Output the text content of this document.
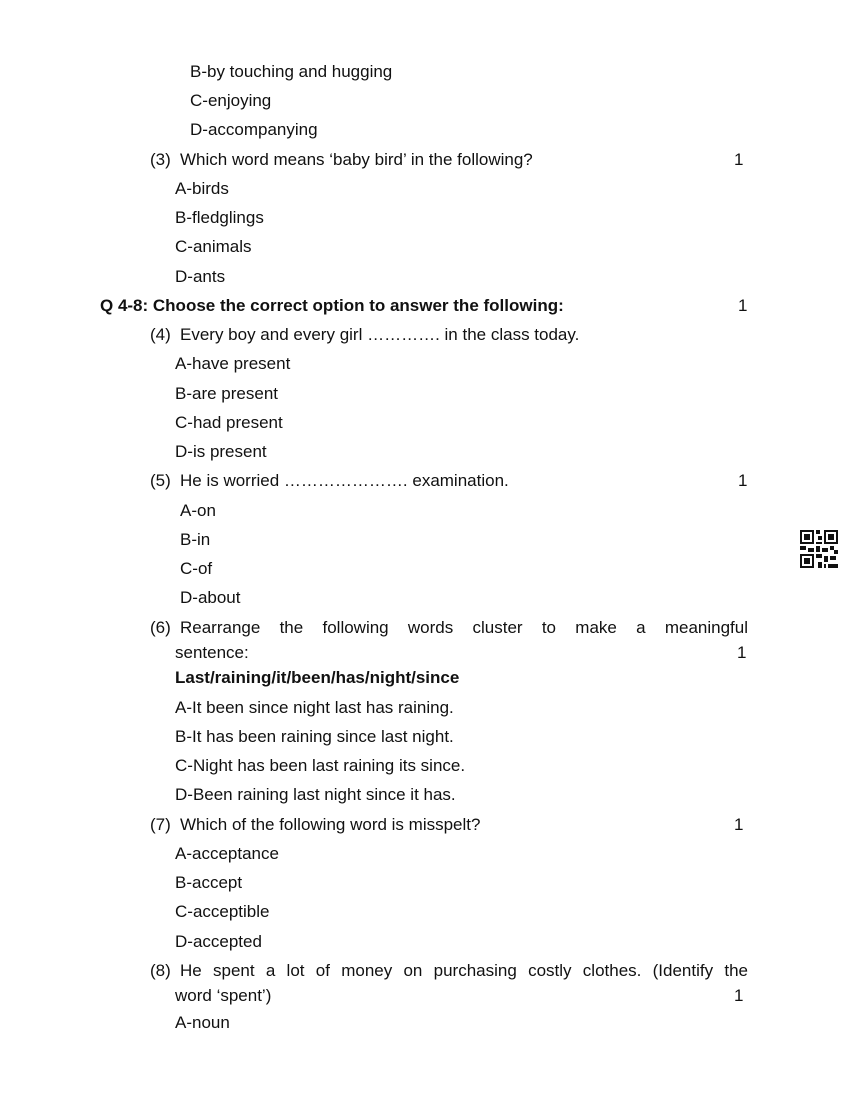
B-by touching and hugging
C-enjoying
D-accompanying
(3) Which word means ‘baby bird’ in the following?	1
A-birds
B-fledglings
C-animals
D-ants
Q 4-8: Choose the correct option to answer the following:	1
(4) Every boy and every girl …………. in the class today.
A-have present
B-are present
C-had present
D-is present
(5) He is worried …………………. examination.	1
A-on
B-in
C-of
D-about
(6) Rearrange the following words cluster to make a meaningful
sentence:	1
Last/raining/it/been/has/night/since
A-It been since night last has raining.
B-It has been raining since last night.
C-Night has been last raining its since.
D-Been raining last night since it has.
(7) Which of the following word is misspelt?	1
A-acceptance
B-accept
C-acceptible
D-accepted
(8) He spent a lot of money on purchasing costly clothes. (Identify the
word ‘spent’)	1
A-noun
